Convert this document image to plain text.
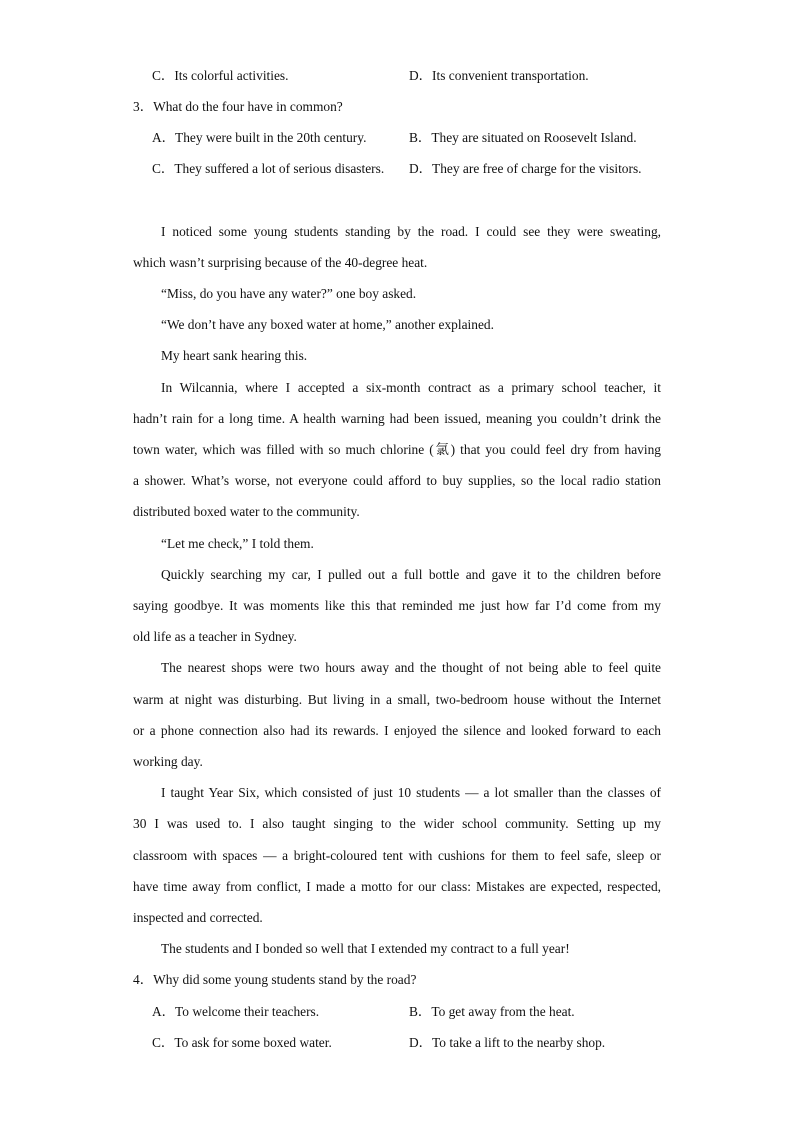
C．Its colorful activities.	D．Its convenient transportation.
3．What do the four have in common?
A．They were built in the 20th century.	B．They are situated on Roosevelt Island.
C．They suffered a lot of serious disasters. D．They are free of charge for the visitors.
I noticed some young students standing by the road. I could see they were sweating,
which wasn’t surprising because of the 40-degree heat.
“Miss, do you have any water?” one boy asked.
“We don’t have any boxed water at home,” another explained.
My heart sank hearing this.
In Wilcannia, where I accepted a six-month contract as a primary school teacher, it
hadn’t rain for a long time. A health warning had been issued, meaning you couldn’t drink the
town water, which was filled with so much chlorine (氯) that you could feel dry from having
a shower. What’s worse, not everyone could afford to buy supplies, so the local radio station
distributed boxed water to the community.
“Let me check,” I told them.
Quickly searching my car, I pulled out a full bottle and gave it to the children before
saying goodbye. It was moments like this that reminded me just how far I’d come from my
old life as a teacher in Sydney.
The nearest shops were two hours away and the thought of not being able to feel quite
warm at night was disturbing. But living in a small, two-bedroom house without the Internet
or a phone connection also had its rewards. I enjoyed the silence and looked forward to each
working day.
I taught Year Six, which consisted of just 10 students — a lot smaller than the classes of
30 I was used to. I also taught singing to the wider school community. Setting up my
classroom with spaces — a bright-coloured tent with cushions for them to feel safe, sleep or
have time away from conflict, I made a motto for our class: Mistakes are expected, respected,
inspected and corrected.
The students and I bonded so well that I extended my contract to a full year!
4．Why did some young students stand by the road?
A．To welcome their teachers.	B．To get away from the heat.
C．To ask for some boxed water.	D．To take a lift to the nearby shop.
